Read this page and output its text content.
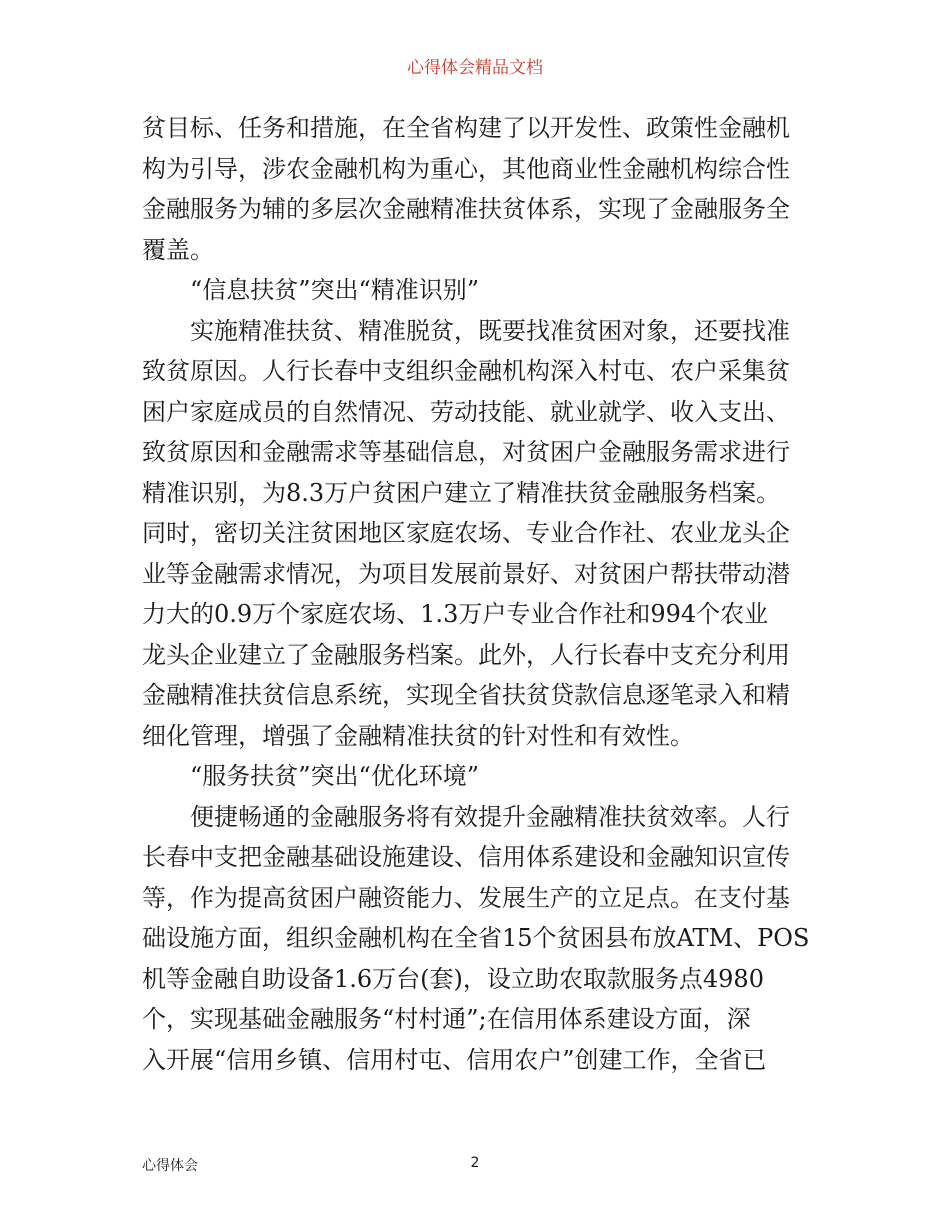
心得体会精品文档
贫目标、任务和措施，在全省构建了以开发性、政策性金融机
构为引导，涉农金融机构为重心，其他商业性金融机构综合性
金融服务为辅的多层次金融精准扶贫体系，实现了金融服务全
覆盖。
“信息扶贫”突出“精准识别”
实施精准扶贫、精准脱贫，既要找准贫困对象，还要找准
致贫原因。人行长春中支组织金融机构深入村屯、农户采集贫
困户家庭成员的自然情况、劳动技能、就业就学、收入支出、
致贫原因和金融需求等基础信息，对贫困户金融服务需求进行
精准识别，为8.3万户贫困户建立了精准扶贫金融服务档案。
同时，密切关注贫困地区家庭农场、专业合作社、农业龙头企
业等金融需求情况，为项目发展前景好、对贫困户帮扶带动潜
力大的0.9万个家庭农场、1.3万户专业合作社和994个农业
龙头企业建立了金融服务档案。此外，人行长春中支充分利用
金融精准扶贫信息系统，实现全省扶贫贷款信息逐笔录入和精
细化管理，增强了金融精准扶贫的针对性和有效性。
“服务扶贫”突出“优化环境”
便捷畅通的金融服务将有效提升金融精准扶贫效率。人行
长春中支把金融基础设施建设、信用体系建设和金融知识宣传
等，作为提高贫困户融资能力、发展生产的立足点。在支付基
础设施方面，组织金融机构在全省15个贫困县布放ATM、POS
机等金融自助设备1.6万台(套)，设立助农取款服务点4980
个，实现基础金融服务“村村通”;在信用体系建设方面，深
入开展“信用乡镇、信用村屯、信用农户”创建工作，全省已
心得体会	2
